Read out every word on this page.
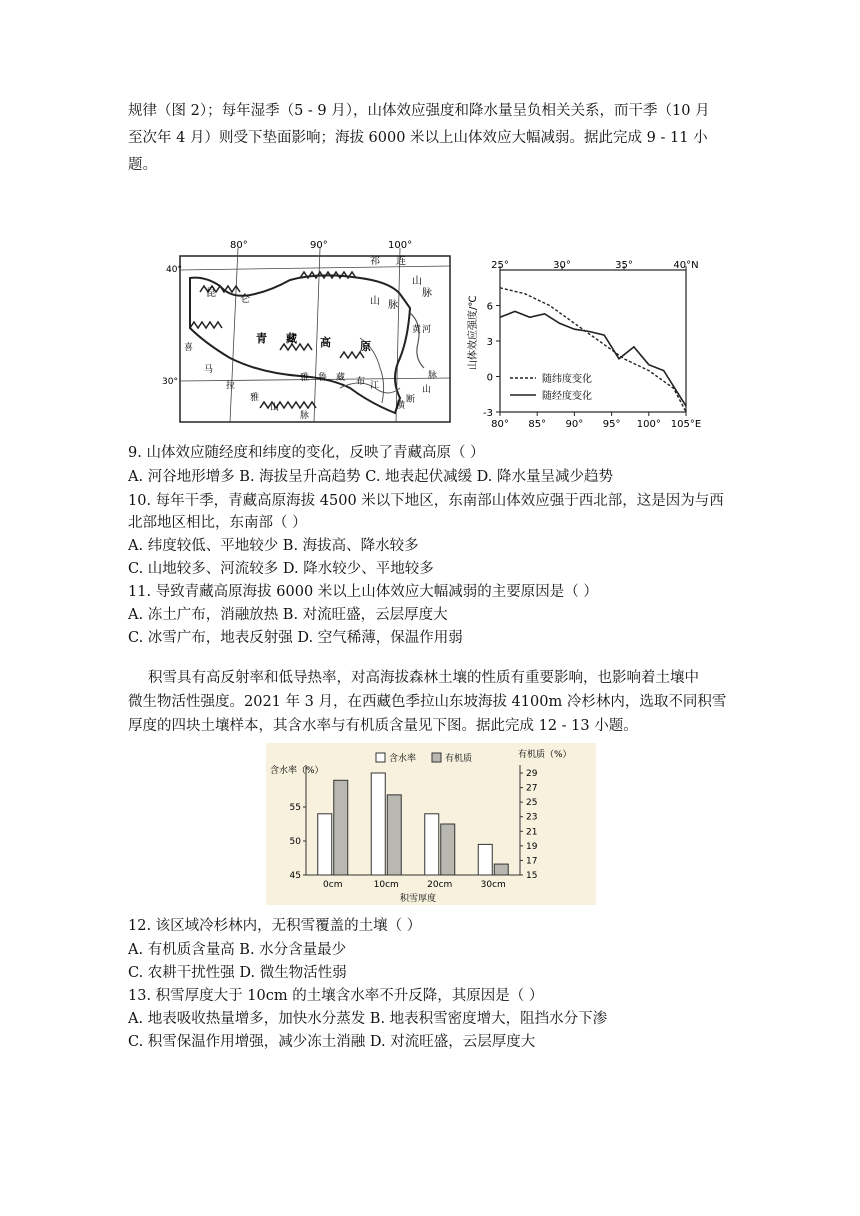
规律（图 2）；每年湿季（5 - 9 月），山体效应强度和降水量呈负相关关系，而干季（10 月
至次年 4 月）则受下垫面影响；海拔 6000 米以上山体效应大幅减弱。据此完成 9 - 11 小
题。
80°	90°	100°
40°
30°
昆
仑
祁 连
山
脉
山 脉
青 藏 高	原
黄 河
雅 鲁 藏 布 江
喜
马
拉
雅
山
脉
横
断
山
脉
-3
0
3
6
80° 85° 90° 95° 100° 105°E
25°	30°	35°	40°N
山体效应强度/℃
随纬度变化
随经度变化
9. 山体效应随经度和纬度的变化，反映了青藏高原（ ）
A. 河谷地形增多 B. 海拔呈升高趋势 C. 地表起伏减缓 D. 降水量呈减少趋势
10. 每年干季，青藏高原海拔 4500 米以下地区，东南部山体效应强于西北部，这是因为与西
北部地区相比，东南部（ ）
A. 纬度较低、平地较少 B. 海拔高、降水较多
C. 山地较多、河流较多 D. 降水较少、平地较多
11. 导致青藏高原海拔 6000 米以上山体效应大幅减弱的主要原因是（ ）
A. 冻土广布，消融放热 B. 对流旺盛，云层厚度大
C. 冰雪广布，地表反射强 D. 空气稀薄，保温作用弱
积雪具有高反射率和低导热率，对高海拔森林土壤的性质有重要影响，也影响着土壤中
微生物活性强度。2021 年 3 月，在西藏色季拉山东坡海拔 4100m 冷杉林内，选取不同积雪
厚度的四块土壤样本，其含水率与有机质含量见下图。据此完成 12 - 13 小题。
45
50
55
15
17
19
21
23
25
27
29
0cm	10cm	20cm	30cm
含水率（%）
有机质（%）
含水率	有机质
积雪厚度
12. 该区域冷杉林内，无积雪覆盖的土壤（ ）
A. 有机质含量高 B. 水分含量最少
C. 农耕干扰性强 D. 微生物活性弱
13. 积雪厚度大于 10cm 的土壤含水率不升反降，其原因是（ ）
A. 地表吸收热量增多，加快水分蒸发 B. 地表积雪密度增大，阻挡水分下渗
C. 积雪保温作用增强，减少冻土消融 D. 对流旺盛，云层厚度大
